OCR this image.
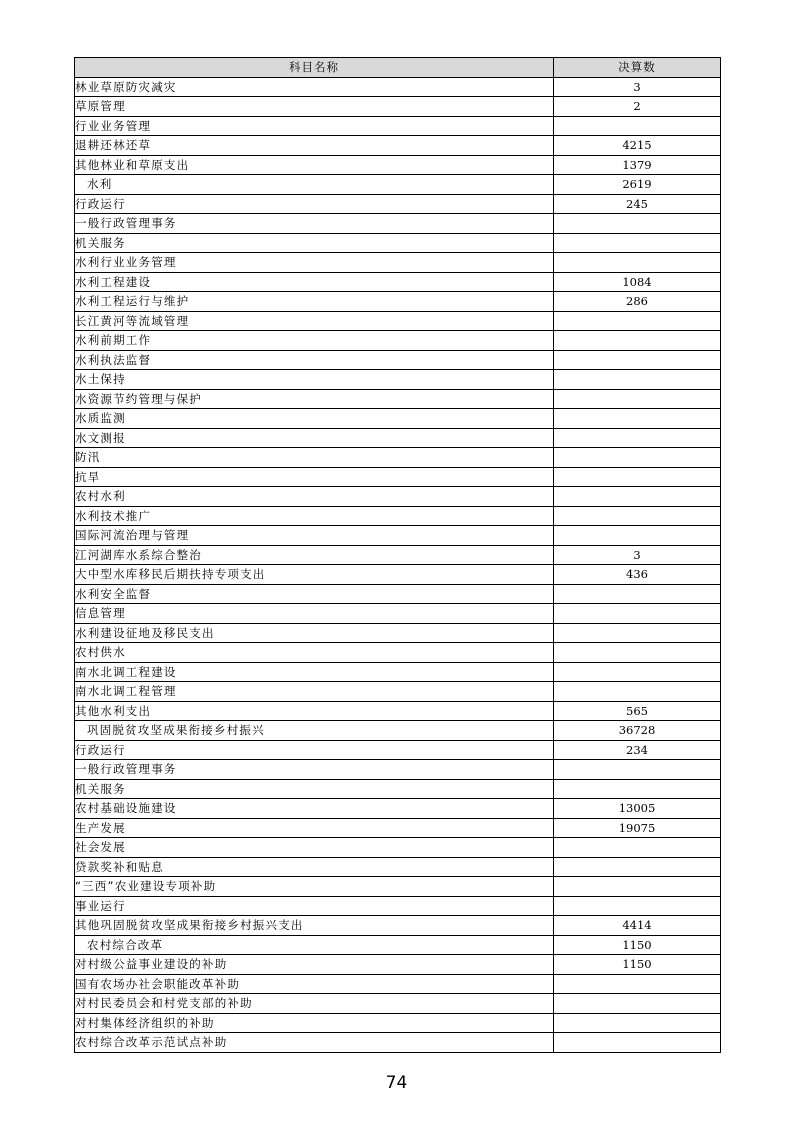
科目名称	决算数
林业草原防灾减灾	3
草原管理	2
行业业务管理	
退耕还林还草	4215
其他林业和草原支出	1379
水利	2619
行政运行	245
一般行政管理事务	
机关服务	
水利行业业务管理	
水利工程建设	1084
水利工程运行与维护	286
长江黄河等流域管理	
水利前期工作	
水利执法监督	
水土保持	
水资源节约管理与保护	
水质监测	
水文测报	
防汛	
抗旱	
农村水利	
水利技术推广	
国际河流治理与管理	
江河湖库水系综合整治	3
大中型水库移民后期扶持专项支出	436
水利安全监督	
信息管理	
水利建设征地及移民支出	
农村供水	
南水北调工程建设	
南水北调工程管理	
其他水利支出	565
巩固脱贫攻坚成果衔接乡村振兴	36728
行政运行	234
一般行政管理事务	
机关服务	
农村基础设施建设	13005
生产发展	19075
社会发展	
贷款奖补和贴息	
“三西”农业建设专项补助	
事业运行	
其他巩固脱贫攻坚成果衔接乡村振兴支出	4414
农村综合改革	1150
对村级公益事业建设的补助	1150
国有农场办社会职能改革补助	
对村民委员会和村党支部的补助	
对村集体经济组织的补助	
农村综合改革示范试点补助	
74
